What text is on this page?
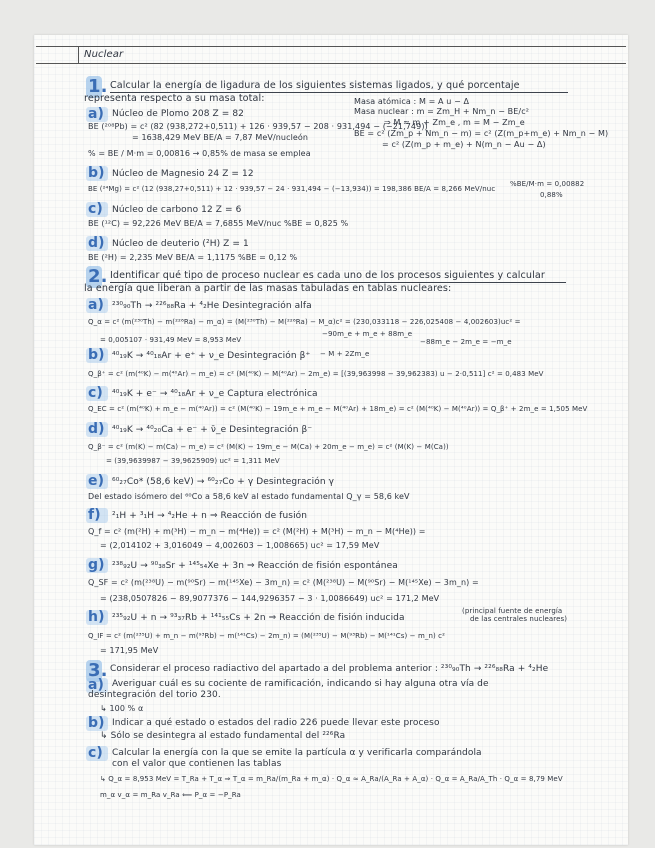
Nuclear
1. Calcular la energía de ligadura de los siguientes sistemas ligados, y qué porcentaje
representa respecto a su masa total:	Masa atómica : M = A u − Δ
Masa nuclear : m = Zm_H + Nm_n − BE/c²
⇒ M ≈ m + Zm_e , m = M − Zm_e
BE = c² (Zm_p + Nm_n − m) = c² (Z(m_p+m_e) + Nm_n − M)
= c² (Z(m_p + m_e) + N(m_n − Au − Δ)
a) Núcleo de Plomo 208 Z = 82
BE (²⁰⁸Pb) = c² (82 (938,272+0,511) + 126 · 939,57 − 208 · 931,494 − (−21,749))
= 1638,429 MeV BE/A = 7,87 MeV/nucleón
% = BE / M·m = 0,00816 → 0,85% de masa se emplea
b) Núcleo de Magnesio 24 Z = 12
BE (²⁴Mg) = c² (12 (938,27+0,511) + 12 · 939,57 − 24 · 931,494 − (−13,934)) = 198,386 BE/A = 8,266 MeV/nuc
%BE/M·m = 0,00882
0,88%
c) Núcleo de carbono 12 Z = 6
BE (¹²C) = 92,226 MeV BE/A = 7,6855 MeV/nuc %BE = 0,825 %
d) Núcleo de deuterio (²H) Z = 1
BE (²H) = 2,235 MeV BE/A = 1,1175 %BE = 0,12 %
2. Identificar qué tipo de proceso nuclear es cada uno de los procesos siguientes y calcular
la energía que liberan a partir de las masas tabuladas en tablas nucleares:
a) ²³⁰₉₀Th → ²²⁶₈₈Ra + ⁴₂He Desintegración alfa
Q_α = c² (m(²³⁰Th) − m(²²⁶Ra) − m_α) = (M(²³⁰Th) − M(²²⁶Ra) − M_α)c² = (230,033118 − 226,025408 − 4,002603)uc² =
= 0,005107 · 931,49 MeV = 8,953 MeV
−90m_e + m_e + 88m_e
−88m_e − 2m_e = −m_e
b) ⁴⁰₁₉K → ⁴⁰₁₈Ar + e⁺ + ν_e Desintegración β⁺ − M + 2Zm_e
Q_β⁺ = c² (m(⁴⁰K) − m(⁴⁰Ar) − m_e) = c² (M(⁴⁰K) − M(⁴⁰Ar) − 2m_e) = [(39,963998 − 39,962383) u − 2·0,511] c² = 0,483 MeV
c) ⁴⁰₁₉K + e⁻ → ⁴⁰₁₈Ar + ν_e Captura electrónica
Q_EC = c² (m(⁴⁰K) + m_e − m(⁴⁰Ar)) = c² (M(⁴⁰K) − 19m_e + m_e − M(⁴⁰Ar) + 18m_e) = c² (M(⁴⁰K) − M(⁴⁰Ar)) = Q_β⁺ + 2m_e = 1,505 MeV
d) ⁴⁰₁₉K → ⁴⁰₂₀Ca + e⁻ + ν̄_e Desintegración β⁻
Q_β⁻ = c² (m(K) − m(Ca) − m_e) = c² (M(K) − 19m_e − M(Ca) + 20m_e − m_e) = c² (M(K) − M(Ca))
= (39,9639987 − 39,9625909) uc² = 1,311 MeV
e) ⁶⁰₂₇Co* (58,6 keV) → ⁶⁰₂₇Co + γ Desintegración γ
Del estado isómero del ⁶⁰Co a 58,6 keV al estado fundamental Q_γ = 58,6 keV
f) ²₁H + ³₁H → ⁴₂He + n ⇒ Reacción de fusión
Q_f = c² (m(²H) + m(³H) − m_n − m(⁴He)) = c² (M(²H) + M(³H) − m_n − M(⁴He)) =
= (2,014102 + 3,016049 − 4,002603 − 1,008665) uc² = 17,59 MeV
g) ²³⁸₉₂U → ⁹⁰₃₈Sr + ¹⁴⁵₅₄Xe + 3n ⇒ Reacción de fisión espontánea
Q_SF = c² (m(²³⁸U) − m(⁹⁰Sr) − m(¹⁴⁵Xe) − 3m_n) = c² (M(²³⁸U) − M(⁹⁰Sr) − M(¹⁴⁵Xe) − 3m_n) =
= (238,0507826 − 89,9077376 − 144,9296357 − 3 · 1,0086649) uc² = 171,2 MeV
h) ²³⁵₉₂U + n → ⁹³₃₇Rb + ¹⁴¹₅₅Cs + 2n ⇒ Reacción de fisión inducida
(principal fuente de energía
de las centrales nucleares)
Q_IF = c² (m(²³⁵U) + m_n − m(⁹³Rb) − m(¹⁴¹Cs) − 2m_n) = (M(²³⁵U) − M(⁹³Rb) − M(¹⁴¹Cs) − m_n) c²
= 171,95 MeV
3. Considerar el proceso radiactivo del apartado a del problema anterior : ²³⁰₉₀Th → ²²⁶₈₈Ra + ⁴₂He
a) Averiguar cuál es su cociente de ramificación, indicando si hay alguna otra vía de
desintegración del torio 230.
↳ 100 % α
b) Indicar a qué estado o estados del radio 226 puede llevar este proceso
↳ Sólo se desintegra al estado fundamental del ²²⁶Ra
c) Calcular la energía con la que se emite la partícula α y verificarla comparándola
con el valor que contienen las tablas
↳ Q_α = 8,953 MeV = T_Ra + T_α ⇒ T_α = m_Ra/(m_Ra + m_α) · Q_α ≈ A_Ra/(A_Ra + A_α) · Q_α = A_Ra/A_Th · Q_α = 8,79 MeV
m_α v_α = m_Ra v_Ra ⟸ P_α = −P_Ra
